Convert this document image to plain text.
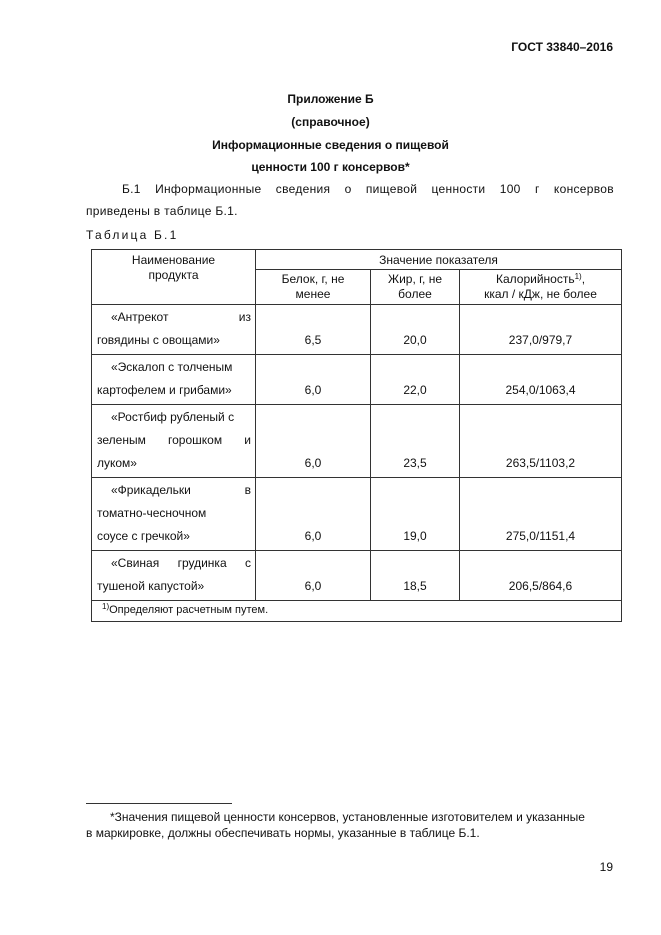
ГОСТ 33840–2016
Приложение Б
(справочное)
Информационные сведения о пищевой
ценности 100 г консервов*
Б.1 Информационные сведения о пищевой ценности 100 г консервов
приведены в таблице Б.1.
Таблица Б.1
Наименование продукта	Значение показателя		

	Белок, г, не менее	Жир, г, не более	Калорийность$^{1)}$,
ккал / кДж, не более

«Антрекот из
говядины с овощами»	6,5	20,0	237,0/979,7

«Эскалоп с толченым
картофелем и грибами»	6,0	22,0	254,0/1063,4

«Ростбиф рубленый с
зеленым горошком и
луком»	6,0	23,5	263,5/1103,2

«Фрикадельки в
томатно-чесночном
соусе с гречкой»	6,0	19,0	275,0/1151,4

«Свиная грудинка с
тушеной капустой»	6,0	18,5	206,5/864,6
$^{1)}$Определяют расчетным путем.			
*Значения пищевой ценности консервов, установленные изготовителем и указанные
в маркировке, должны обеспечивать нормы, указанные в таблице Б.1.
19
